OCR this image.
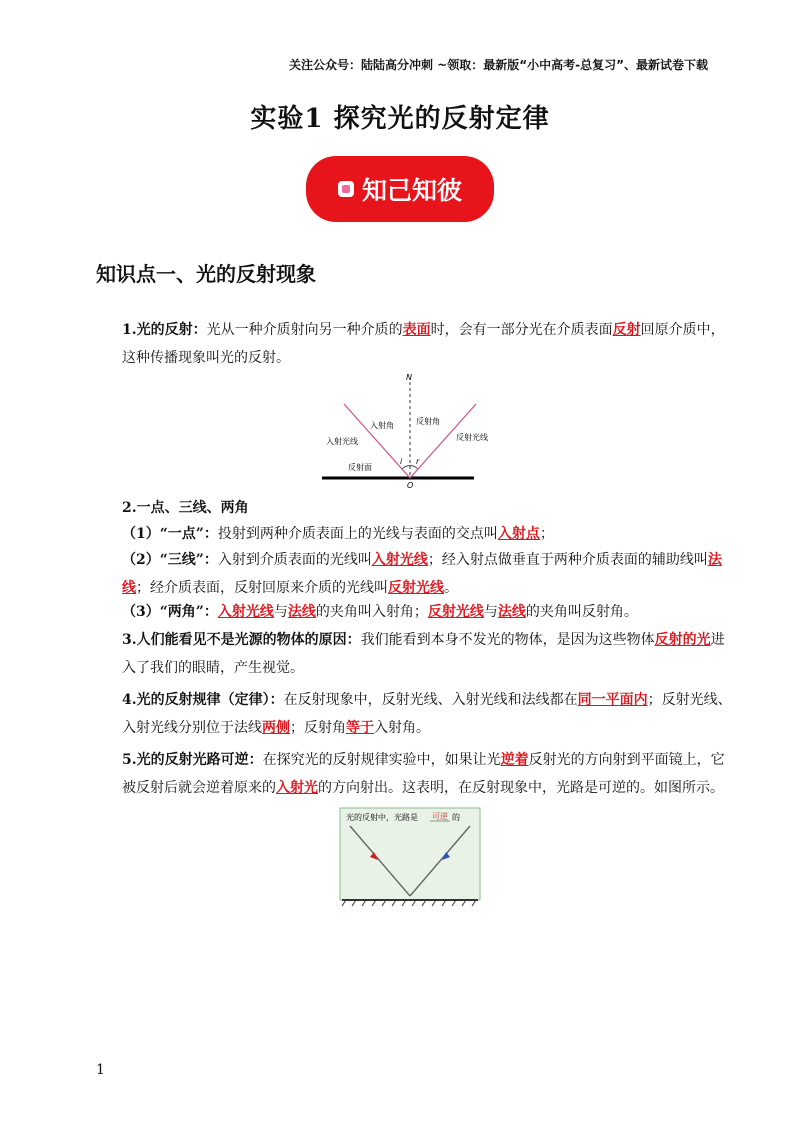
关注公众号：陆陆高分冲刺 ~领取：最新版“小中高考-总复习”、最新试卷下载
实验1 探究光的反射定律
知己知彼
知识点一、光的反射现象
1.光的反射：光从一种介质射向另一种介质的表面时，会有一部分光在介质表面反射回原介质中，这种传播现象叫光的反射。
N
入射角	反射角
入射光线	反射光线
反射面
i r
O
2.一点、三线、两角
（1）“一点”：投射到两种介质表面上的光线与表面的交点叫入射点；
（2）“三线”：入射到介质表面的光线叫入射光线；经入射点做垂直于两种介质表面的辅助线叫法线；经介质表面，反射回原来介质的光线叫反射光线。
（3）“两角”：入射光线与法线的夹角叫入射角；反射光线与法线的夹角叫反射角。
3.人们能看见不是光源的物体的原因：我们能看到本身不发光的物体，是因为这些物体反射的光进入了我们的眼睛，产生视觉。
4.光的反射规律（定律）：在反射现象中，反射光线、入射光线和法线都在同一平面内；反射光线、入射光线分别位于法线两侧；反射角等于入射角。
5.光的反射光路可逆：在探究光的反射规律实验中，如果让光逆着反射光的方向射到平面镜上，它被反射后就会逆着原来的入射光的方向射出。这表明，在反射现象中，光路是可逆的。如图所示。
光的反射中，光路是 可逆 的
1
